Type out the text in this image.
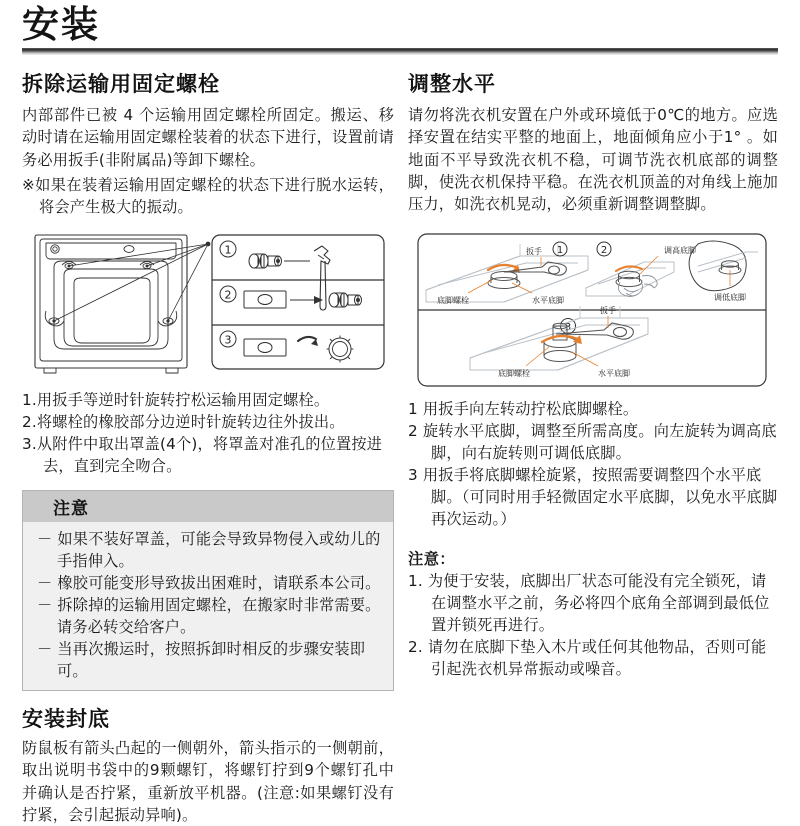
安装
拆除运输用固定螺栓

内部部件已被 4 个运输用固定螺栓所固定。搬运、移动时请在运输用固定螺栓装着的状态下进行，设置前请务必用扳手(非附属品)等卸下螺栓。

※如果在装着运输用固定螺栓的状态下进行脱水运转，将会产生极大的振动。

1
2
3
1.用扳手等逆时针旋转拧松运输用固定螺栓。
2.将螺栓的橡胶部分边逆时针旋转边往外拔出。
3.从附件中取出罩盖(4个)，将罩盖对准孔的位置按进去，直到完全吻合。
注意
－ 如果不装好罩盖，可能会导致异物侵入或幼儿的手指伸入。
－ 橡胶可能变形导致拔出困难时，请联系本公司。
－ 拆除掉的运输用固定螺栓，在搬家时非常需要。请务必转交给客户。
－ 当再次搬运时，按照拆卸时相反的步骤安装即可。
安装封底

防鼠板有箭头凸起的一侧朝外，箭头指示的一侧朝前，取出说明书袋中的9颗螺钉，将螺钉拧到9个螺钉孔中并确认是否拧紧，重新放平机器。(注意:如果螺钉没有拧紧，会引起振动异响)。

调整水平

请勿将洗衣机安置在户外或环境低于0℃的地方。应选择安置在结实平整的地面上，地面倾角应小于1° 。如地面不平导致洗衣机不稳，可调节洗衣机底部的调整脚，使洗衣机保持平稳。在洗衣机顶盖的对角线上施加压力，如洗衣机晃动，必须重新调整调整脚。

扳手 1
底脚螺栓	水平底脚
2	调高底脚
调低底脚
3
扳手
底脚螺栓	水平底脚
1 用扳手向左转动拧松底脚螺栓。
2 旋转水平底脚，调整至所需高度。向左旋转为调高底脚，向右旋转则可调低底脚。
3 用扳手将底脚螺栓旋紧，按照需要调整四个水平底脚。（可同时用手轻微固定水平底脚，以免水平底脚再次运动。）
注意：
1. 为便于安装，底脚出厂状态可能没有完全锁死，请在调整水平之前，务必将四个底角全部调到最低位置并锁死再进行。
2. 请勿在底脚下垫入木片或任何其他物品，否则可能引起洗衣机异常振动或噪音。
